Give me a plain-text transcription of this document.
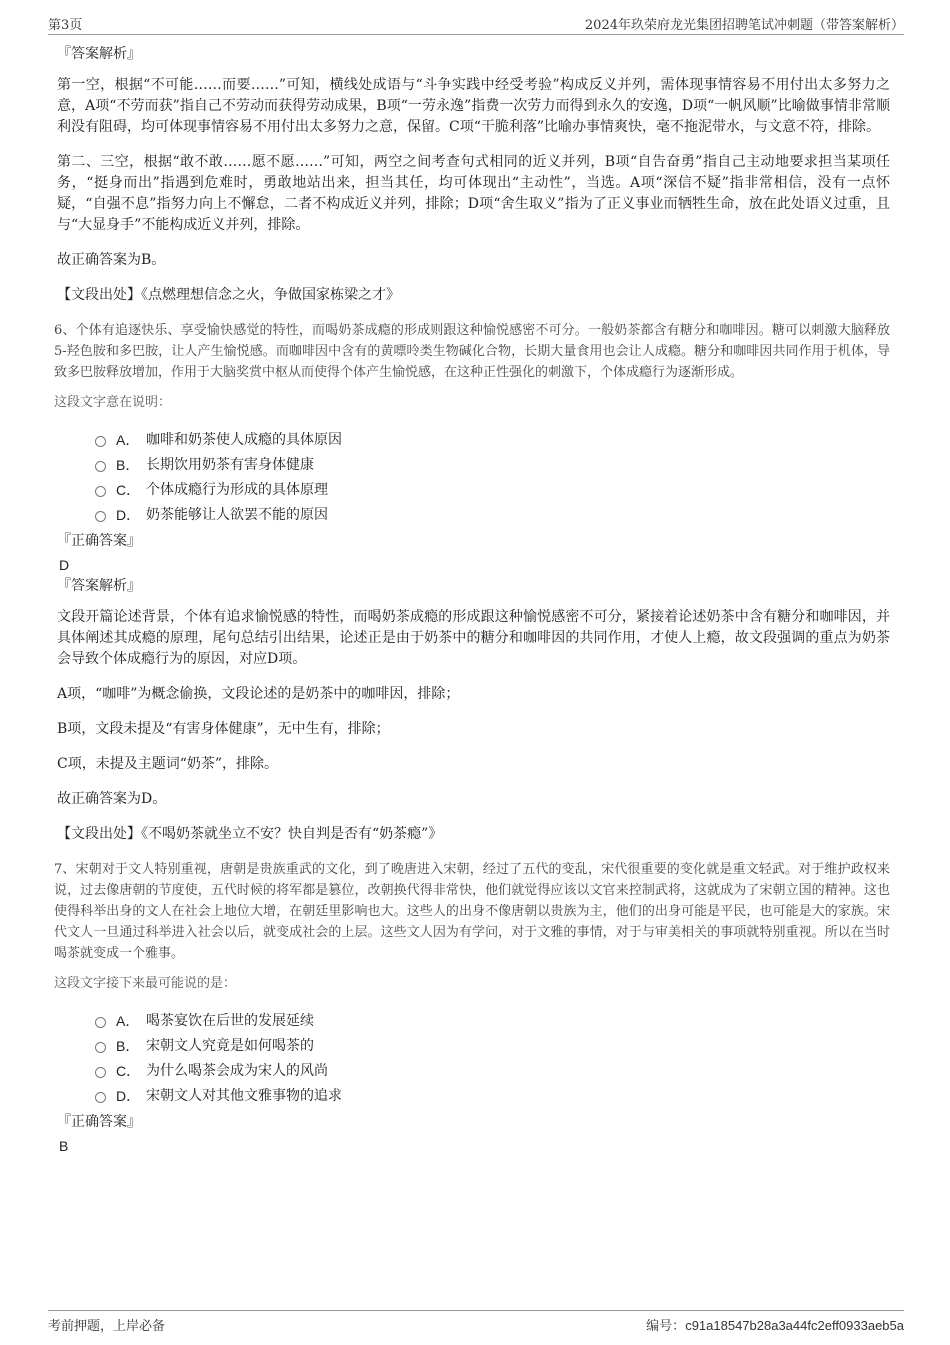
第3页	2024年玖荣府龙光集团招聘笔试冲刺题（带答案解析）
『答案解析』

第一空，根据“不可能……而要……”可知，横线处成语与“斗争实践中经受考验”构成反义并列，需体现事情容易不用付出太多努力之意，A项“不劳而获”指自己不劳动而获得劳动成果，B项“一劳永逸”指费一次劳力而得到永久的安逸，D项“一帆风顺”比喻做事情非常顺利没有阻碍，均可体现事情容易不用付出太多努力之意，保留。C项“干脆利落”比喻办事情爽快，毫不拖泥带水，与文意不符，排除。

第二、三空，根据“敢不敢……愿不愿……”可知，两空之间考查句式相同的近义并列，B项“自告奋勇”指自己主动地要求担当某项任务，“挺身而出”指遇到危难时，勇敢地站出来，担当其任，均可体现出“主动性”，当选。A项“深信不疑”指非常相信，没有一点怀疑，“自强不息”指努力向上不懈怠，二者不构成近义并列，排除；D项“舍生取义”指为了正义事业而牺牲生命，放在此处语义过重，且与“大显身手”不能构成近义并列，排除。

故正确答案为B。

【文段出处】《点燃理想信念之火，争做国家栋梁之才》

6、个体有追逐快乐、享受愉快感觉的特性，而喝奶茶成瘾的形成则跟这种愉悦感密不可分。一般奶茶都含有糖分和咖啡因。糖可以刺激大脑释放5-羟色胺和多巴胺，让人产生愉悦感。而咖啡因中含有的黄嘌呤类生物碱化合物，长期大量食用也会让人成瘾。糖分和咖啡因共同作用于机体，导致多巴胺释放增加，作用于大脑奖赏中枢从而使得个体产生愉悦感，在这种正性强化的刺激下，个体成瘾行为逐渐形成。
这段文字意在说明：
A． 咖啡和奶茶使人成瘾的具体原因
B． 长期饮用奶茶有害身体健康
C． 个体成瘾行为形成的具体原理
D． 奶茶能够让人欲罢不能的原因
『正确答案』
D
『答案解析』

文段开篇论述背景，个体有追求愉悦感的特性，而喝奶茶成瘾的形成跟这种愉悦感密不可分，紧接着论述奶茶中含有糖分和咖啡因，并具体阐述其成瘾的原理，尾句总结引出结果，论述正是由于奶茶中的糖分和咖啡因的共同作用，才使人上瘾，故文段强调的重点为奶茶会导致个体成瘾行为的原因，对应D项。

A项，“咖啡”为概念偷换，文段论述的是奶茶中的咖啡因，排除；

B项，文段未提及“有害身体健康”，无中生有，排除；

C项，未提及主题词“奶茶”，排除。

故正确答案为D。

【文段出处】《不喝奶茶就坐立不安？快自判是否有“奶茶瘾”》

7、宋朝对于文人特别重视，唐朝是贵族重武的文化，到了晚唐进入宋朝，经过了五代的变乱，宋代很重要的变化就是重文轻武。对于维护政权来说，过去像唐朝的节度使，五代时候的将军都是篡位，改朝换代得非常快，他们就觉得应该以文官来控制武将，这就成为了宋朝立国的精神。这也使得科举出身的文人在社会上地位大增，在朝廷里影响也大。这些人的出身不像唐朝以贵族为主，他们的出身可能是平民，也可能是大的家族。宋代文人一旦通过科举进入社会以后，就变成社会的上层。这些文人因为有学问，对于文雅的事情，对于与审美相关的事项就特别重视。所以在当时喝茶就变成一个雅事。
这段文字接下来最可能说的是：
A． 喝茶宴饮在后世的发展延续
B． 宋朝文人究竟是如何喝茶的
C． 为什么喝茶会成为宋人的风尚
D． 宋朝文人对其他文雅事物的追求
『正确答案』
B
考前押题，上岸必备	编号：c91a18547b28a3a44fc2eff0933aeb5a
